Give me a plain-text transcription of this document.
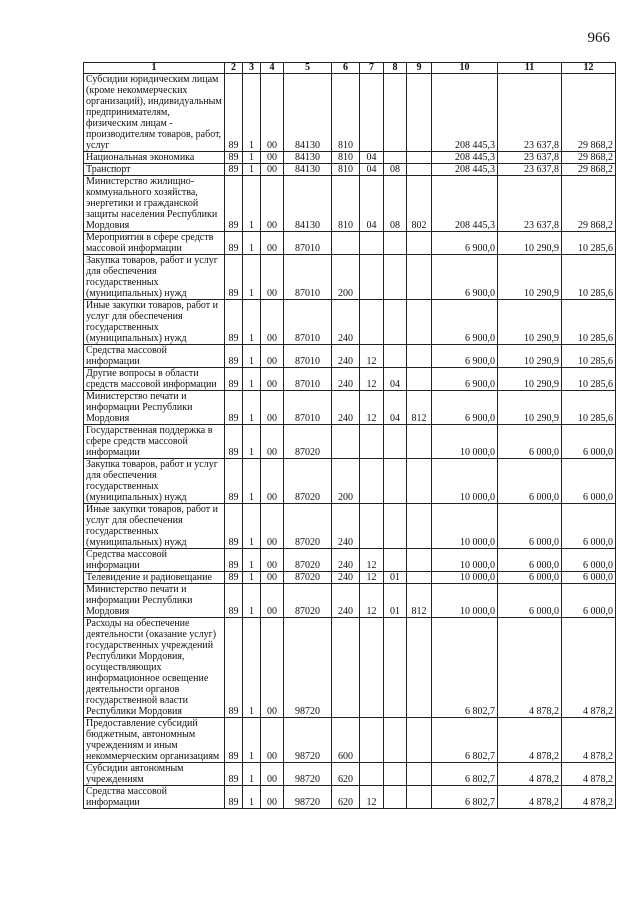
966
1	2	3	4	5	6	7	8	9	10	11	12
Субсидии юридическим лицам (кроме некоммерческих организаций), индивидуальным предпринимателям, физическим лицам - производителям товаров, работ, услуг	89	1	00	84130	810				208 445,3	23 637,8	29 868,2
Национальная экономика	89	1	00	84130	810	04			208 445,3	23 637,8	29 868,2
Транспорт	89	1	00	84130	810	04	08		208 445,3	23 637,8	29 868,2
Министерство жилищно-коммунального хозяйства, энергетики и гражданской защиты населения Республики Мордовия	89	1	00	84130	810	04	08	802	208 445,3	23 637,8	29 868,2
Мероприятия в сфере средств массовой информации	89	1	00	87010					6 900,0	10 290,9	10 285,6
Закупка товаров, работ и услуг для обеспечения государственных (муниципальных) нужд	89	1	00	87010	200				6 900,0	10 290,9	10 285,6
Иные закупки товаров, работ и услуг для обеспечения государственных (муниципальных) нужд	89	1	00	87010	240				6 900,0	10 290,9	10 285,6
Средства массовой информации	89	1	00	87010	240	12			6 900,0	10 290,9	10 285,6
Другие вопросы в области средств массовой информации	89	1	00	87010	240	12	04		6 900,0	10 290,9	10 285,6
Министерство печати и информации Республики Мордовия	89	1	00	87010	240	12	04	812	6 900,0	10 290,9	10 285,6
Государственная поддержка в сфере средств массовой информации	89	1	00	87020					10 000,0	6 000,0	6 000,0
Закупка товаров, работ и услуг для обеспечения государственных (муниципальных) нужд	89	1	00	87020	200				10 000,0	6 000,0	6 000,0
Иные закупки товаров, работ и услуг для обеспечения государственных (муниципальных) нужд	89	1	00	87020	240				10 000,0	6 000,0	6 000,0
Средства массовой информации	89	1	00	87020	240	12			10 000,0	6 000,0	6 000,0
Телевидение и радиовещание	89	1	00	87020	240	12	01		10 000,0	6 000,0	6 000,0
Министерство печати и информации Республики Мордовия	89	1	00	87020	240	12	01	812	10 000,0	6 000,0	6 000,0
Расходы на обеспечение деятельности (оказание услуг) государственных учреждений Республики Мордовия, осуществляющих информационное освещение деятельности органов государственной власти Республики Мордовия	89	1	00	98720					6 802,7	4 878,2	4 878,2
Предоставление субсидий бюджетным, автономным учреждениям и иным некоммерческим организациям	89	1	00	98720	600				6 802,7	4 878,2	4 878,2
Субсидии автономным учреждениям	89	1	00	98720	620				6 802,7	4 878,2	4 878,2
Средства массовой информации	89	1	00	98720	620	12			6 802,7	4 878,2	4 878,2
